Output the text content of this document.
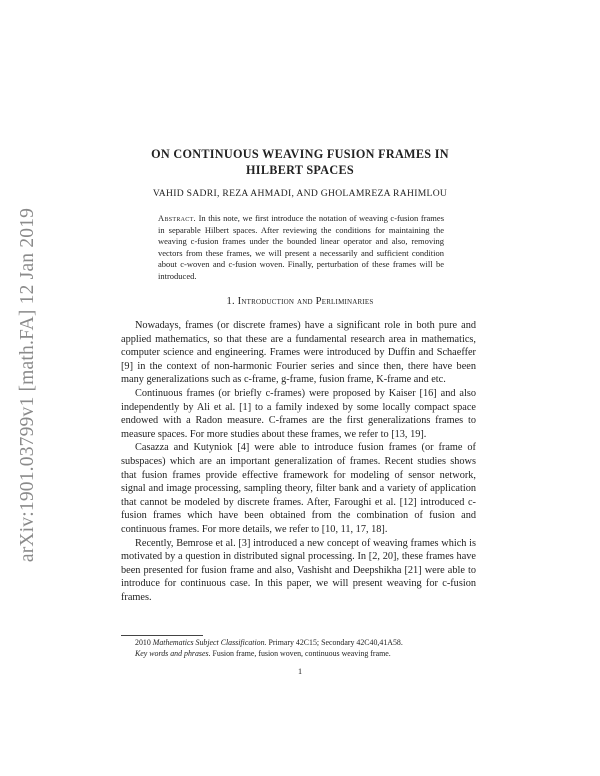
arXiv:1901.03799v1 [math.FA] 12 Jan 2019
ON CONTINUOUS WEAVING FUSION FRAMES IN
HILBERT SPACES
VAHID SADRI, REZA AHMADI, AND GHOLAMREZA RAHIMLOU
Abstract. In this note, we first introduce the notation of weaving c-fusion frames in separable Hilbert spaces. After reviewing the conditions for maintaining the weaving c-fusion frames under the bounded linear operator and also, removing vectors from these frames, we will present a necessarily and sufficient condition about c-woven and c-fusion woven. Finally, perturbation of these frames will be introduced.
1. Introduction and Perliminaries

Nowadays, frames (or discrete frames) have a significant role in both pure and applied mathematics, so that these are a fundamental research area in mathematics, computer science and engineering. Frames were introduced by Duffin and Schaeffer [9] in the context of non-harmonic Fourier series and since then, there have been many generalizations such as c-frame, g-frame, fusion frame, K-frame and etc.

Continuous frames (or briefly c-frames) were proposed by Kaiser [16] and also independently by Ali et al. [1] to a family indexed by some locally compact space endowed with a Radon measure. C-frames are the first generalizations frames to measure spaces. For more studies about these frames, we refer to [13, 19].

Casazza and Kutyniok [4] were able to introduce fusion frames (or frame of subspaces) which are an important generalization of frames. Recent studies shows that fusion frames provide effective framework for modeling of sensor network, signal and image processing, sampling theory, filter bank and a variety of application that cannot be modeled by discrete frames. After, Faroughi et al. [12] introduced c-fusion frames which have been obtained from the combination of fusion and continuous frames. For more details, we refer to [10, 11, 17, 18].

Recently, Bemrose et al. [3] introduced a new concept of weaving frames which is motivated by a question in distributed signal processing. In [2, 20], these frames have been presented for fusion frame and also, Vashisht and Deepshikha [21] were able to introduce for continuous case. In this paper, we will present weaving for c-fusion frames.

2010 Mathematics Subject Classification. Primary 42C15; Secondary 42C40,41A58.

Key words and phrases. Fusion frame, fusion woven, continuous weaving frame.

1
